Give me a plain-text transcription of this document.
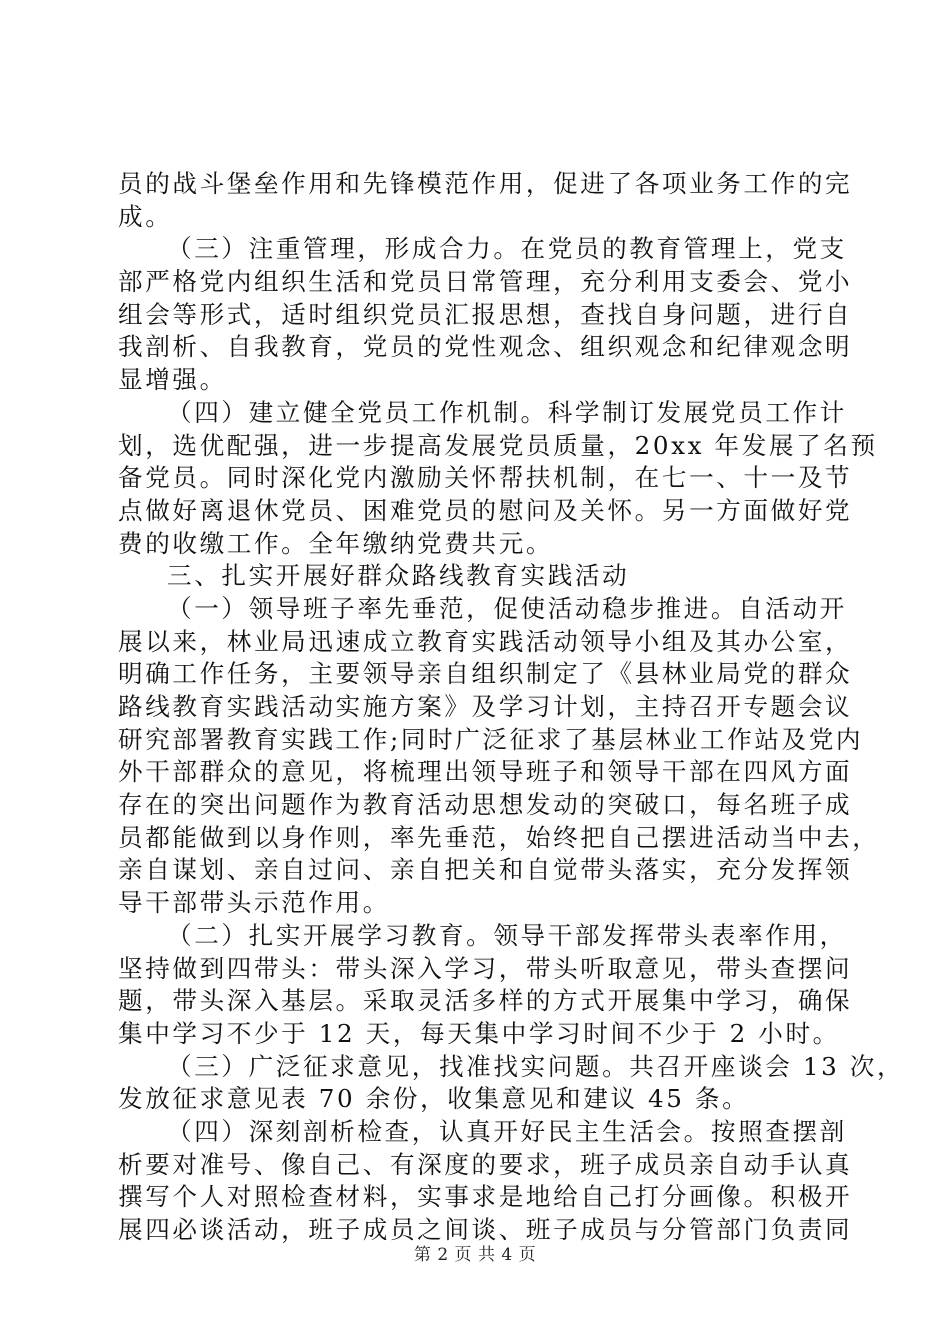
员的战斗堡垒作用和先锋模范作用，促进了各项业务工作的完
成。
（三）注重管理，形成合力。在党员的教育管理上，党支
部严格党内组织生活和党员日常管理，充分利用支委会、党小
组会等形式，适时组织党员汇报思想，查找自身问题，进行自
我剖析、自我教育，党员的党性观念、组织观念和纪律观念明
显增强。
（四）建立健全党员工作机制。科学制订发展党员工作计
划，选优配强，进一步提高发展党员质量，20xx 年发展了名预
备党员。同时深化党内激励关怀帮扶机制，在七一、十一及节
点做好离退休党员、困难党员的慰问及关怀。另一方面做好党
费的收缴工作。全年缴纳党费共元。
三、扎实开展好群众路线教育实践活动
（一）领导班子率先垂范，促使活动稳步推进。自活动开
展以来，林业局迅速成立教育实践活动领导小组及其办公室，
明确工作任务，主要领导亲自组织制定了《县林业局党的群众
路线教育实践活动实施方案》及学习计划，主持召开专题会议
研究部署教育实践工作;同时广泛征求了基层林业工作站及党内
外干部群众的意见，将梳理出领导班子和领导干部在四风方面
存在的突出问题作为教育活动思想发动的突破口，每名班子成
员都能做到以身作则，率先垂范，始终把自己摆进活动当中去，
亲自谋划、亲自过问、亲自把关和自觉带头落实，充分发挥领
导干部带头示范作用。
（二）扎实开展学习教育。领导干部发挥带头表率作用，
坚持做到四带头：带头深入学习，带头听取意见，带头查摆问
题，带头深入基层。采取灵活多样的方式开展集中学习，确保
集中学习不少于 12 天，每天集中学习时间不少于 2 小时。
（三）广泛征求意见，找准找实问题。共召开座谈会 13 次，
发放征求意见表 70 余份，收集意见和建议 45 条。
（四）深刻剖析检查，认真开好民主生活会。按照查摆剖
析要对准号、像自己、有深度的要求，班子成员亲自动手认真
撰写个人对照检查材料，实事求是地给自己打分画像。积极开
展四必谈活动，班子成员之间谈、班子成员与分管部门负责同
第 2 页 共 4 页
